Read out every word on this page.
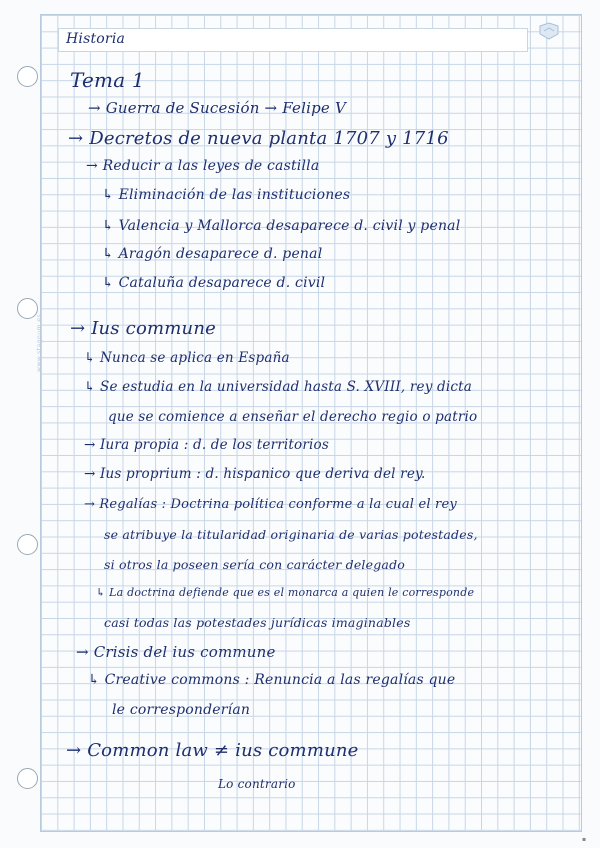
www.stagnum.es
Historia
Tema 1
→ Guerra de Sucesión → Felipe V
→ Decretos de nueva planta 1707 y 1716
→ Reducir a las leyes de castilla
↳ Eliminación de las instituciones
↳ Valencia y Mallorca desaparece d. civil y penal
↳ Aragón desaparece d. penal
↳ Cataluña desaparece d. civil
→ Ius commune
↳ Nunca se aplica en España
↳ Se estudia en la universidad hasta S. XVIII, rey dicta
que se comience a enseñar el derecho regio o patrio
→ Iura propia : d. de los territorios
→ Ius proprium : d. hispanico que deriva del rey.
→ Regalías : Doctrina política conforme a la cual el rey
se atribuye la titularidad originaria de varias potestades,
si otros la poseen sería con carácter delegado
↳ La doctrina defiende que es el monarca a quien le corresponde
casi todas las potestades jurídicas imaginables
→ Crisis del ius commune
↳ Creative commons : Renuncia a las regalías que
le corresponderían
→ Common law ≠ ius commune
Lo contrario
▪
